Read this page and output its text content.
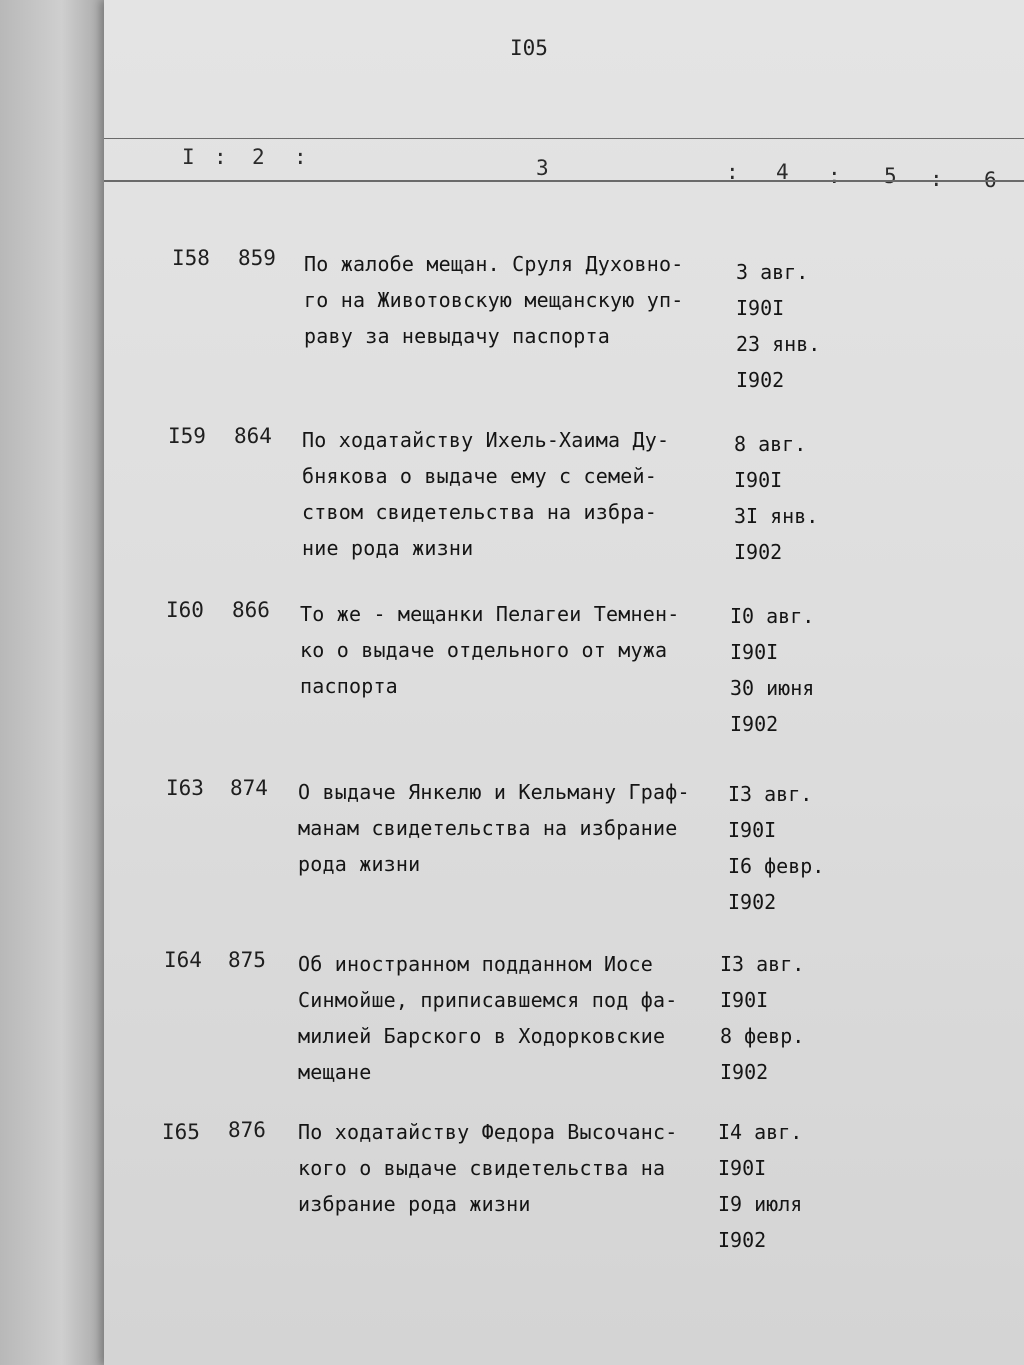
I05
I : 2 :	3	: 4 : 5 : 6
I58 859 По жалобе мещан. Сруля Духовно-
го на Животовскую мещанскую уп-
раву за невыдачу паспорта
3 авг.
I90I
23 янв.
I902
I59 864 По ходатайству Ихель-Хаима Ду-
бнякова о выдаче ему с семей-
ством свидетельства на избра-
ние рода жизни
8 авг.
I90I
3I янв.
I902
I60 866 То же - мещанки Пелагеи Темнен-
ко о выдаче отдельного от мужа
паспорта
I0 авг.
I90I
30 июня
I902
I63 874 О выдаче Янкелю и Кельману Граф-
манам свидетельства на избрание
рода жизни
I3 авг.
I90I
I6 февр.
I902
I64 875 Об иностранном подданном Иосе
Синмойше, приписавшемся под фа-
милией Барского в Ходорковские
мещане
I3 авг.
I90I
8 февр.
I902
I65 876 По ходатайству Федора Высочанс-
кого о выдаче свидетельства на
избрание рода жизни
I4 авг.
I90I
I9 июля
I902
